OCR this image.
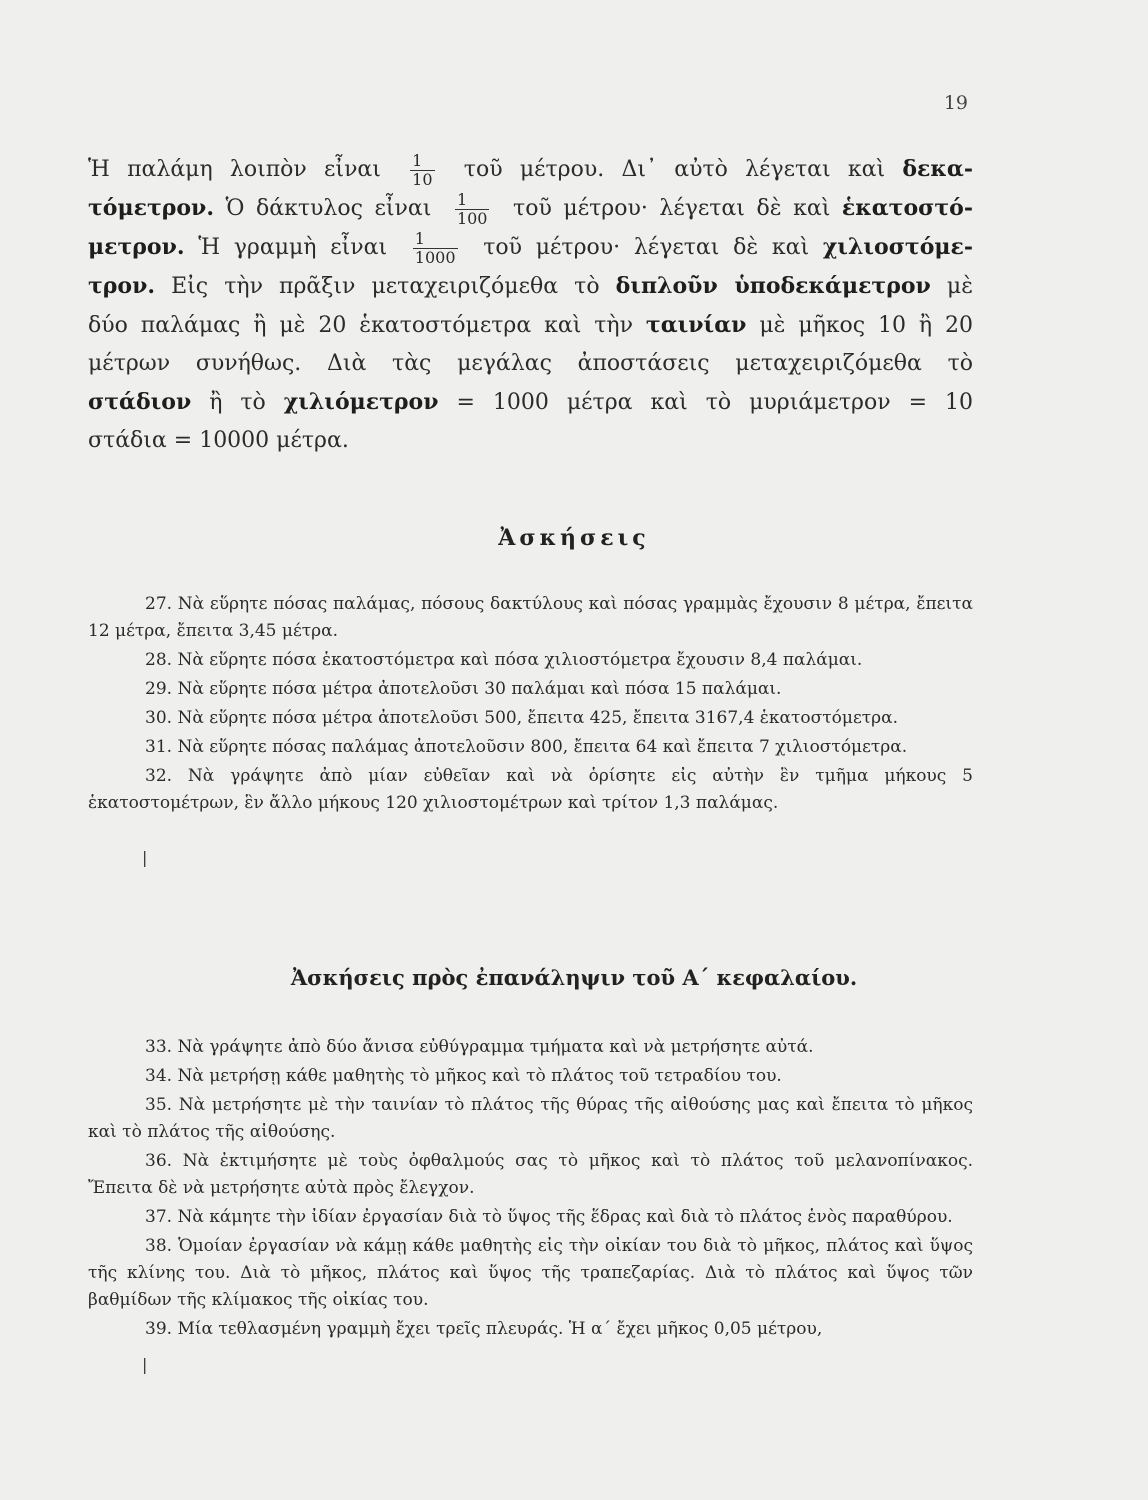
19
Ἡ παλάμη λοιπὸν εἶναι $\frac{1}{10}$ τοῦ μέτρου. Δι᾽ αὐτὸ λέγεται καὶ δεκα-
τόμετρον. Ὁ δάκτυλος εἶναι $\frac{1}{100}$ τοῦ μέτρου· λέγεται δὲ καὶ ἑκατοστό-
μετρον. Ἡ γραμμὴ εἶναι $\frac{1}{1000}$ τοῦ μέτρου· λέγεται δὲ καὶ χιλιοστόμε-
τρον. Εἰς τὴν πρᾶξιν μεταχειριζόμεθα τὸ διπλοῦν ὑποδεκάμετρον μὲ
δύο παλάμας ἢ μὲ 20 ἑκατοστόμετρα καὶ τὴν ταινίαν μὲ μῆκος 10 ἢ 20
μέτρων συνήθως. Διὰ τὰς μεγάλας ἀποστάσεις μεταχειριζόμεθα τὸ
στάδιον ἢ τὸ χιλιόμετρον = 1000 μέτρα καὶ τὸ μυριάμετρον = 10
στάδια = 10000 μέτρα.
Ἀσκήσεις

27. Νὰ εὕρητε πόσας παλάμας, πόσους δακτύλους καὶ πόσας γραμμὰς ἔχουσιν 8 μέτρα, ἔπειτα 12 μέτρα, ἔπειτα 3,45 μέτρα.

28. Νὰ εὕρητε πόσα ἑκατοστόμετρα καὶ πόσα χιλιοστόμετρα ἔχουσιν 8,4 παλάμαι.

29. Νὰ εὕρητε πόσα μέτρα ἀποτελοῦσι 30 παλάμαι καὶ πόσα 15 παλάμαι.

30. Νὰ εὕρητε πόσα μέτρα ἀποτελοῦσι 500, ἔπειτα 425, ἔπειτα 3167,4 ἑκατοστόμετρα.

31. Νὰ εὕρητε πόσας παλάμας ἀποτελοῦσιν 800, ἔπειτα 64 καὶ ἔπειτα 7 χιλιοστόμετρα.

32. Νὰ γράψητε ἀπὸ μίαν εὐθεῖαν καὶ νὰ ὁρίσητε εἰς αὐτὴν ἓν τμῆμα μήκους 5 ἑκατοστομέτρων, ἓν ἄλλο μήκους 120 χιλιοστομέτρων καὶ τρίτον 1,3 παλάμας.

|
Ἀσκήσεις πρὸς ἐπανάληψιν τοῦ Α΄ κεφαλαίου.

33. Νὰ γράψητε ἀπὸ δύο ἄνισα εὐθύγραμμα τμήματα καὶ νὰ μετρήσητε αὐτά.

34. Νὰ μετρήσῃ κάθε μαθητὴς τὸ μῆκος καὶ τὸ πλάτος τοῦ τετραδίου του.

35. Νὰ μετρήσητε μὲ τὴν ταινίαν τὸ πλάτος τῆς θύρας τῆς αἰθούσης μας καὶ ἔπειτα τὸ μῆκος καὶ τὸ πλάτος τῆς αἰθούσης.

36. Νὰ ἐκτιμήσητε μὲ τοὺς ὀφθαλμούς σας τὸ μῆκος καὶ τὸ πλάτος τοῦ μελανοπίνακος. Ἔπειτα δὲ νὰ μετρήσητε αὐτὰ πρὸς ἔλεγχον.

37. Νὰ κάμητε τὴν ἰδίαν ἐργασίαν διὰ τὸ ὕψος τῆς ἕδρας καὶ διὰ τὸ πλάτος ἑνὸς παραθύρου.

38. Ὁμοίαν ἐργασίαν νὰ κάμῃ κάθε μαθητὴς εἰς τὴν οἰκίαν του διὰ τὸ μῆκος, πλάτος καὶ ὕψος τῆς κλίνης του. Διὰ τὸ μῆκος, πλάτος καὶ ὕψος τῆς τραπεζαρίας. Διὰ τὸ πλάτος καὶ ὕψος τῶν βαθμίδων τῆς κλίμακος τῆς οἰκίας του.

39. Μία τεθλασμένη γραμμὴ ἔχει τρεῖς πλευράς. Ἡ α΄ ἔχει μῆκος 0,05 μέτρου,

|
